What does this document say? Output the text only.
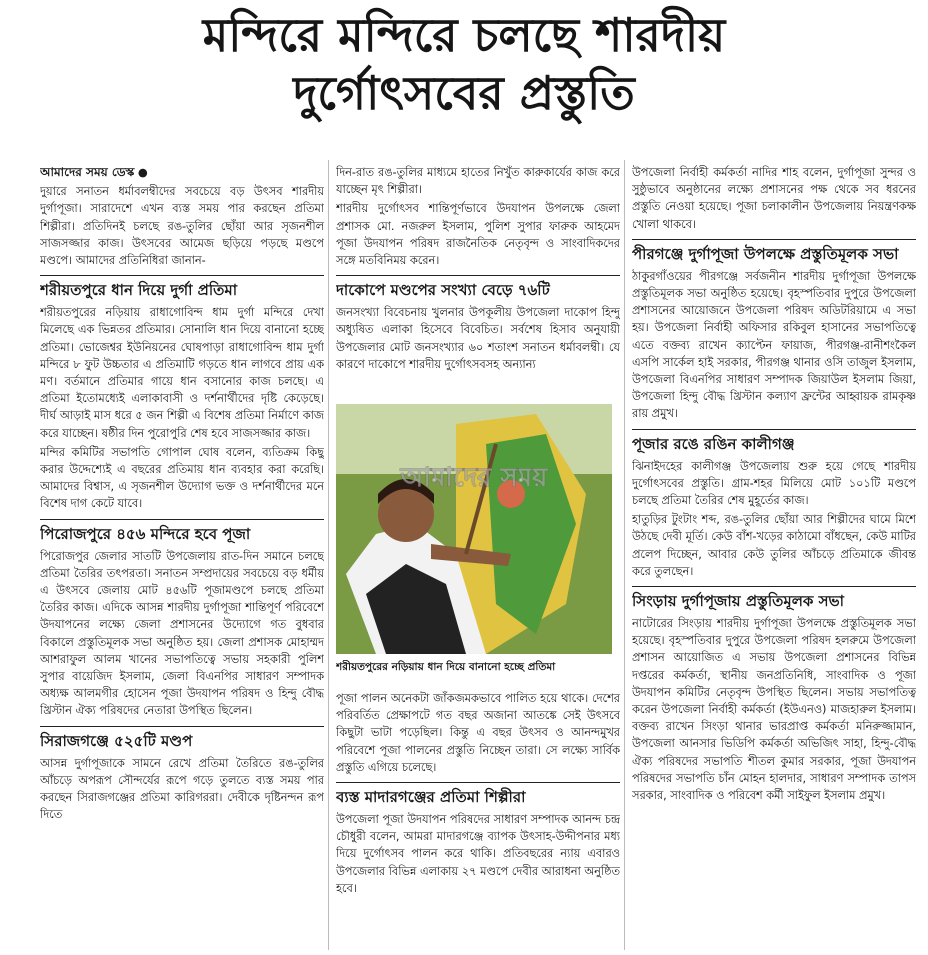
মন্দিরে মন্দিরে চলছে শারদীয়
দুর্গোৎসবের প্রস্তুতি

আমাদের সময় ডেস্ক ●

দুয়ারে সনাতন ধর্মাবলম্বীদের সবচেয়ে বড় উৎসব শারদীয় দুর্গাপূজা। সারাদেশে এখন ব্যস্ত সময় পার করছেন প্রতিমা শিল্পীরা। প্রতিদিনই চলছে রঙ-তুলির ছোঁয়া আর সৃজনশীল সাজসজ্জার কাজ। উৎসবের আমেজ ছড়িয়ে পড়ছে মণ্ডপে মণ্ডপে। আমাদের প্রতিনিধিরা জানান-

শরীয়তপুরে ধান দিয়ে দুর্গা প্রতিমা

শরীয়তপুরের নড়িয়ায় রাধাগোবিন্দ ধাম দুর্গা মন্দিরে দেখা মিলেছে এক ভিন্নতর প্রতিমার। সোনালি ধান দিয়ে বানানো হচ্ছে প্রতিমা। ভোজেশ্বর ইউনিয়নের ঘোষপাড়া রাধাগোবিন্দ ধাম দুর্গা মন্দিরে ৮ ফুট উচ্চতার এ প্রতিমাটি গড়তে ধান লাগবে প্রায় এক মণ। বর্তমানে প্রতিমার গায়ে ধান বসানোর কাজ চলছে। এ প্রতিমা ইতোমধ্যেই এলাকাবাসী ও দর্শনার্থীদের দৃষ্টি কেড়েছে। দীর্ঘ আড়াই মাস ধরে ৫ জন শিল্পী এ বিশেষ প্রতিমা নির্মাণে কাজ করে যাচ্ছেন। ষষ্ঠীর দিন পুরোপুরি শেষ হবে সাজসজ্জার কাজ।

মন্দির কমিটির সভাপতি গোপাল ঘোষ বলেন, ব্যতিক্রম কিছু করার উদ্দেশ্যেই এ বছরের প্রতিমায় ধান ব্যবহার করা করেছি। আমাদের বিশ্বাস, এ সৃজনশীল উদ্যোগ ভক্ত ও দর্শনার্থীদের মনে বিশেষ দাগ কেটে যাবে।

পিরোজপুরে ৪৫৬ মন্দিরে হবে পূজা

পিরোজপুর জেলার সাতটি উপজেলায় রাত-দিন সমানে চলছে প্রতিমা তৈরির তৎপরতা। সনাতন সম্প্রদায়ের সবচেয়ে বড় ধর্মীয় এ উৎসবে জেলায় মোট ৪৫৬টি পূজামণ্ডপে চলছে প্রতিমা তৈরির কাজ। এদিকে আসন্ন শারদীয় দুর্গাপূজা শান্তিপূর্ণ পরিবেশে উদযাপনের লক্ষ্যে জেলা প্রশাসনের উদ্যোগে গত বুধবার বিকালে প্রস্তুতিমূলক সভা অনুষ্ঠিত হয়। জেলা প্রশাসক মোহাম্মদ আশরাফুল আলম খানের সভাপতিত্বে সভায় সহকারী পুলিশ সুপার বায়েজিদ ইসলাম, জেলা বিএনপির সাধারণ সম্পাদক অধ্যক্ষ আলমগীর হোসেন পূজা উদযাপন পরিষদ ও হিন্দু বৌদ্ধ খ্রিস্টান ঐক্য পরিষদের নেতারা উপস্থিত ছিলেন।

সিরাজগঞ্জে ৫২৫টি মণ্ডপ

আসন্ন দুর্গাপূজাকে সামনে রেখে প্রতিমা তৈরিতে রঙ-তুলির আঁচড়ে অপরূপ সৌন্দর্যের রূপে গড়ে তুলতে ব্যস্ত সময় পার করছেন সিরাজগঞ্জের প্রতিমা কারিগররা। দেবীকে দৃষ্টিনন্দন রূপ দিতে

দিন-রাত রঙ-তুলির মাধ্যমে হাতের নিখুঁত কারুকার্যের কাজ করে যাচ্ছেন মৃৎ শিল্পীরা।

শারদীয় দুর্গোৎসব শান্তিপূর্ণভাবে উদযাপন উপলক্ষে জেলা প্রশাসক মো. নজরুল ইসলাম, পুলিশ সুপার ফারুক আহমেদ পূজা উদযাপন পরিষদ রাজনৈতিক নেতৃবৃন্দ ও সাংবাদিকদের সঙ্গে মতবিনিময় করেন।

দাকোপে মণ্ডপের সংখ্যা বেড়ে ৭৬টি

জনসংখ্যা বিবেচনায় খুলনার উপকূলীয় উপজেলা দাকোপ হিন্দু অধ্যুষিত এলাকা হিসেবে বিবেচিত। সর্বশেষ হিসাব অনুযায়ী উপজেলার মোট জনসংখ্যার ৬০ শতাংশ সনাতন ধর্মাবলম্বী। যে কারণে দাকোপে শারদীয় দুর্গোৎসবসহ অন্যান্য

আমাদের সময়
শরীয়তপুরের নড়িয়ায় ধান দিয়ে বানানো হচ্ছে প্রতিমা

পূজা পালন অনেকটা জাঁকজমকভাবে পালিত হয়ে থাকে। দেশের পরিবর্তিত প্রেক্ষাপটে গত বছর অজানা আতঙ্কে সেই উৎসবে কিছুটা ভাটা পড়েছিল। কিন্তু এ বছর উৎসব ও আনন্দমুখর পরিবেশে পূজা পালনের প্রস্তুতি নিচ্ছেন তারা। সে লক্ষ্যে সার্বিক প্রস্তুতি এগিয়ে চলেছে।

ব্যস্ত মাদারগঞ্জের প্রতিমা শিল্পীরা

উপজেলা পূজা উদযাপন পরিষদের সাধারণ সম্পাদক আনন্দ চন্দ্র চৌধুরী বলেন, আমরা মাদারগঞ্জে ব্যাপক উৎসাহ-উদ্দীপনার মধ্য দিয়ে দুর্গোৎসব পালন করে থাকি। প্রতিবছরের ন্যায় এবারও উপজেলার বিভিন্ন এলাকায় ২৭ মণ্ডপে দেবীর আরাধনা অনুষ্ঠিত হবে।

উপজেলা নির্বাহী কর্মকর্তা নাদির শাহ বলেন, দুর্গাপূজা সুন্দর ও সুষ্ঠুভাবে অনুষ্ঠানের লক্ষ্যে প্রশাসনের পক্ষ থেকে সব ধরনের প্রস্তুতি নেওয়া হয়েছে। পূজা চলাকালীন উপজেলায় নিয়ন্ত্রণকক্ষ খোলা থাকবে।

পীরগঞ্জে দুর্গাপূজা উপলক্ষে প্রস্তুতিমূলক সভা

ঠাকুরগাঁওয়ের পীরগঞ্জে সর্বজনীন শারদীয় দুর্গাপূজা উপলক্ষে প্রস্তুতিমূলক সভা অনুষ্ঠিত হয়েছে। বৃহস্পতিবার দুপুরে উপজেলা প্রশাসনের আয়োজনে উপজেলা পরিষদ অডিটরিয়ামে এ সভা হয়। উপজেলা নির্বাহী অফিসার রকিবুল হাসানের সভাপতিত্বে এতে বক্তব্য রাখেন ক্যাপ্টেন ফায়াজ, পীরগঞ্জ-রানীশংকৈল এসপি সার্কেল হাই সরকার, পীরগঞ্জ থানার ওসি তাজুল ইসলাম, উপজেলা বিএনপির সাধারণ সম্পাদক জিয়াউল ইসলাম জিয়া, উপজেলা হিন্দু বৌদ্ধ খ্রিস্টান কল্যাণ ফ্রন্টের আহ্বায়ক রামকৃষ্ণ রায় প্রমুখ।

পূজার রঙে রঙিন কালীগঞ্জ

ঝিনাইদহের কালীগঞ্জ উপজেলায় শুরু হয়ে গেছে শারদীয় দুর্গোৎসবের প্রস্তুতি। গ্রাম-শহর মিলিয়ে মোট ১০১টি মণ্ডপে চলছে প্রতিমা তৈরির শেষ মুহূর্তের কাজ।

হাতুড়ির টুংটাং শব্দ, রঙ-তুলির ছোঁয়া আর শিল্পীদের ঘামে মিশে উঠছে দেবী মূর্তি। কেউ বাঁশ-খড়ের কাঠামো বাঁধছেন, কেউ মাটির প্রলেপ দিচ্ছেন, আবার কেউ তুলির আঁচড়ে প্রতিমাকে জীবন্ত করে তুলছেন।

সিংড়ায় দুর্গাপূজায় প্রস্তুতিমূলক সভা

নাটোরের সিংড়ায় শারদীয় দুর্গাপূজা উপলক্ষে প্রস্তুতিমূলক সভা হয়েছে। বৃহস্পতিবার দুপুরে উপজেলা পরিষদ হলরুমে উপজেলা প্রশাসন আয়োজিত এ সভায় উপজেলা প্রশাসনের বিভিন্ন দপ্তরের কর্মকর্তা, স্থানীয় জনপ্রতিনিধি, সাংবাদিক ও পূজা উদযাপন কমিটির নেতৃবৃন্দ উপস্থিত ছিলেন। সভায় সভাপতিত্ব করেন উপজেলা নির্বাহী কর্মকর্তা (ইউএনও) মাজহারুল ইসলাম। বক্তব্য রাখেন সিংড়া থানার ভারপ্রাপ্ত কর্মকর্তা মনিরুজ্জামান, উপজেলা আনসার ভিডিপি কর্মকর্তা অভিজিৎ সাহা, হিন্দু-বৌদ্ধ ঐক্য পরিষদের সভাপতি শীতল কুমার সরকার, পূজা উদযাপন পরিষদের সভাপতি চাঁন মোহন হালদার, সাধারণ সম্পাদক তাপস সরকার, সাংবাদিক ও পরিবেশ কর্মী সাইফুল ইসলাম প্রমুখ।
